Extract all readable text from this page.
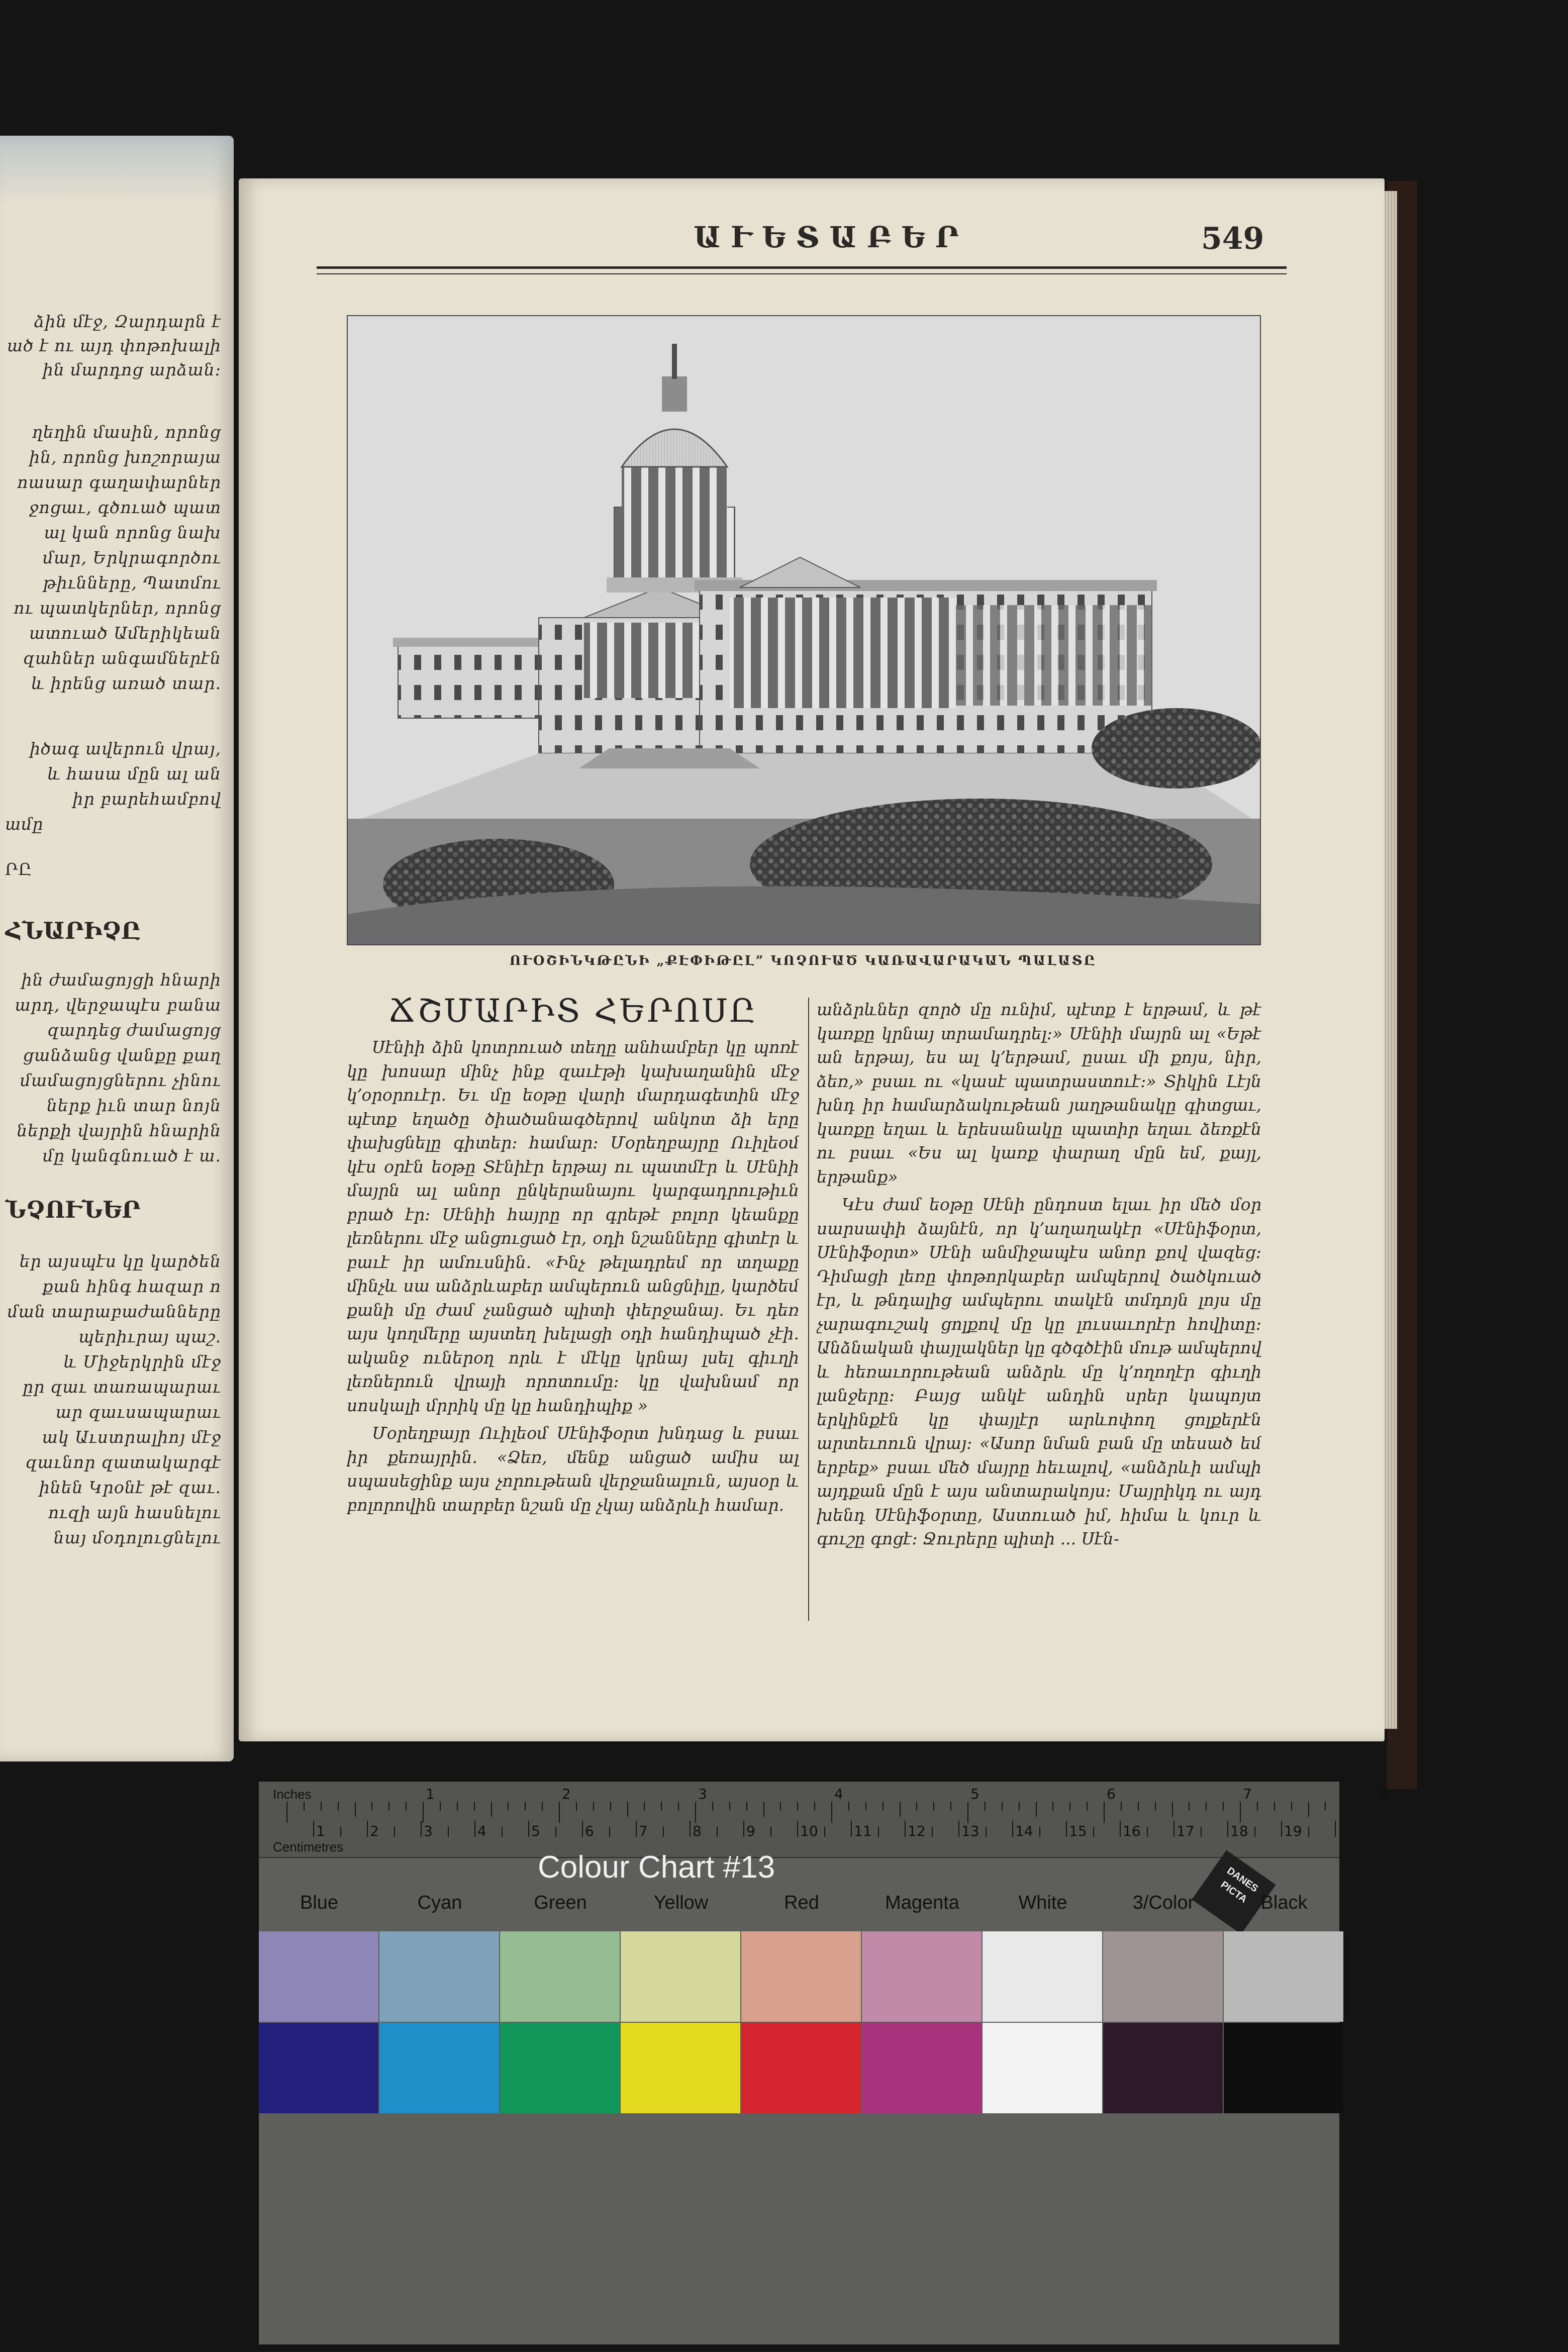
ձին մէջ, Զարդարն է
ած է ու այդ փոթոխալի
ին մարդոց արձան։
ղեղին մասին, որոնց
ին, որոնց խոշորայա
ոասար գաղափարներ
ջոցաւ, գծուած պատ
ալ կան որոնց նախ
մար, Երկրագործու
թիւնները, Պատմու
ու պատկերներ, որոնց
ատուած Ամերիկեան
զահներ անգամներէն
և իրենց առած տար.
իծագ ավերուն վրայ,
և հասա մըն ալ ան
իր բարեհամբով
ամը
ՐԸ
ՀՆԱՐԻՉԸ
ին ժամացոյցի հնարի
արդ, վերջապէս բանա
զարդեց ժամացոյց
ցանձանց վանքը քաղ
մամացոյցներու չինու
ներք իւն տար նոյն
ներքի վայրին հնարին
մը կանգնուած է ա.
ՆՉՈՒՆԵՐ
եր այսպէս կը կարծեն
քան հինգ հազար ո
ման տարաբաժանները
պերիւրայ պաշ.
և Միջերկրին մէջ
ըր զաւ տառապարաւ
ար զաւսապարաւ
ակ Աւստրալիոյ մէջ
զաւնոր զատակարգէ
ինեն Կրօնէ թէ զաւ.
ուզի այն հասնելու
նայ մօդոլուցնելու
ԱՒԵՏԱԲԵՐ	549
ՈՒՕՇԻՆԿԹԸՆԻ „ՔԷՓԻԹԸԼ” ԿՈՉՈՒԱԾ ԿԱՌԱՎԱՐԱԿԱՆ ՊԱԼԱՏԸ
ՃՇՄԱՐԻՏ ՀԵՐՈՍԸ

Սէնիի ձին կոտրուած տեղը անհամբեր կը պոռէ կը խոսար մինչ ինք զաւէթի կախաղանին մէջ կ՚օրօրուէր. Եւ մը եօթը վարի մարդագետին մէջ պէտք եղածը ծիածանագծերով անկոտ ձի երը փախցնելը գիտեր։ համար։ Մօրեղբայրը Ուիլեօմ կէս օրէն եօթը Տէնիէր երթայ ու պատմէր և Սէնիի մայրն ալ անոր ընկերանայու կարգադրութիւն բրած էր։ Սէնիի հայրը որ գրեթէ բոլոր կեանքը լեռներու մէջ անցուցած էր, օդի նշանները գիտէր և բաւէ իր ամուսնին. «Ինչ թելադրեմ որ տղաքը մինչև սա անձրևաբեր ամպերուն անցնիլը, կարծեմ քանի մը ժամ չանցած պիտի փերջանայ. Եւ դեռ այս կողմերը այստեղ խելացի օդի հանդիպած չէի. ականջ ուներօղ որև է մէկը կրնայ լսել գիւղի լեռներուն վրայի որոտումը։ կը վախնամ որ սոսկալի մրրիկ մը կը հանդիպիք »

Մօրեղբայր Ուիլեօմ Սէնիֆօրտ խնդաց և բսաւ իր քեռայրին. «Ձեռ, մենք անցած ամիս ալ սպասեցինք այս չորութեան վերջանալուն, այսօր և բոլորովին տարբեր նշան մը չկայ անձրևի համար.

անձրևներ զործ մը ունիմ, պէտք է երթամ, և թէ կառքը կրնայ տրամադրել։» Սէնիի մայրն ալ «Եթէ ան երթայ, ես ալ կ՚երթամ, ըսաւ մի քոյս, նիր, ձեռ,» բսաւ ու «կասէ պատրաստուէ։» Տիկին Լէյն խնդ իր համարձակութեան յաղթանակը գիտցաւ, կառքը եղաւ և երեսանակը պատիր եղաւ ձեռքէն ու բսաւ «Ես ալ կառք փարաղ մըն եմ, քայլ, երթանք»

Կէս ժամ եօթը Սէնի ընդոստ ելաւ իր մեծ մօր սարսափի ձայնէն, որ կ՚աղաղակէր «Սէնիֆօրտ, Սէնիֆօրտ» Սէնի անմիջապէս անոր քով վազեց։ Դիմացի լեռը փոթորկաբեր ամպերով ծածկուած էր, և թնդալից ամպերու տակէն տմդոյն լոյս մը չարագուշակ ցոլքով մը կը լուսաւորէր հովիտը։ Անձնական փայլակներ կը գծգծէին մութ ամպերով և հեռաւորութեան անձրև մը կ՚ողողէր գիւղի լանջերը։ Բայց անկէ անդին սրեր կապոյտ երկինքէն կը փայլէր արևոփող ցոլքերէն արտեւոուն վրայ։ «Ասոր նման բան մը տեսած եմ երբեք» բսաւ մեծ մայրը հեւալով, «անձրևի ամպի այդքան մըն է այս անտարակոյս։ Մայրիկդ ու այդ խենդ Սէնիֆօրտը, Աստուած իմ, հիմա և կուր և գուշը գոցէ։ Ջուրերը պիտի ... Սէն-

Inches
Centimetres
Colour Chart #13	DANES PICTA
1	2	3	4	5	6	7	8
1	2	3	4	5	6	7	8	9	10	11	12	13	14	15	16	17	18	19
Blue	Cyan	Green	Yellow	Red	Magenta	White	3/Color	Black
